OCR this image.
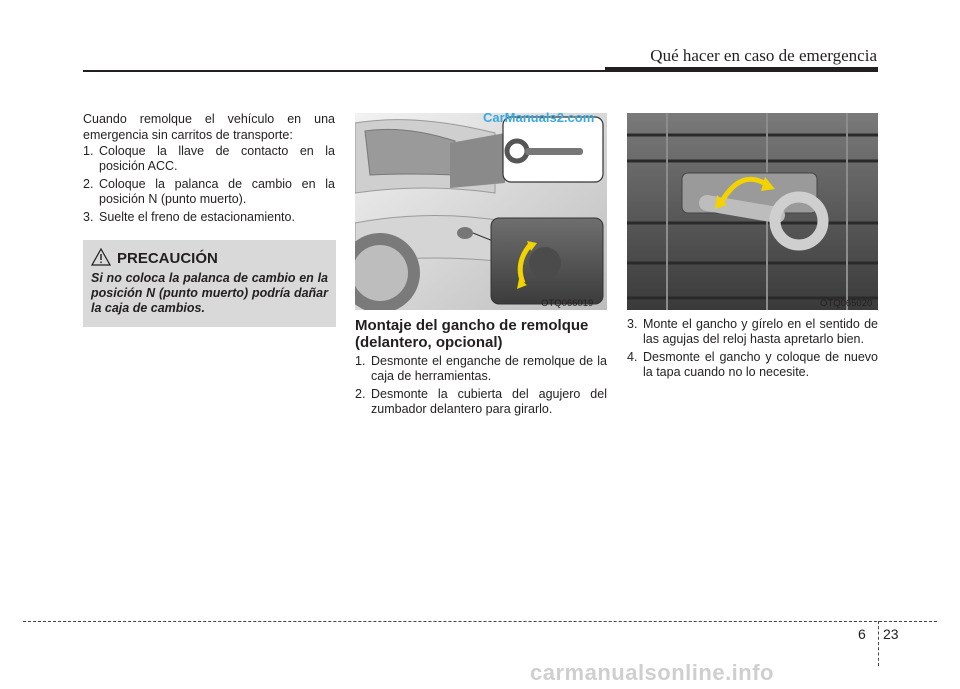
Qué hacer en caso de emergencia
Cuando remolque el vehículo en una emergencia sin carritos de transporte:
1. Coloque la llave de contacto en la posición ACC.
2. Coloque la palanca de cambio en la posición N (punto muerto).
3. Suelte el freno de estacionamiento.
PRECAUCIÓN
Si no coloca la palanca de cambio en la posición N (punto muerto) podría dañar la caja de cambios.
CarManuals2.com
OTQ066019
Montaje del gancho de remolque (delantero, opcional)
1. Desmonte el enganche de remolque de la caja de herramientas.
2. Desmonte la cubierta del agujero del zumbador delantero para girarlo.
OTQ065020
3. Monte el gancho y gírelo en el sentido de las agujas del reloj hasta apretarlo bien.
4. Desmonte el gancho y coloque de nuevo la tapa cuando no lo necesite.
6 23
carmanualsonline.info
